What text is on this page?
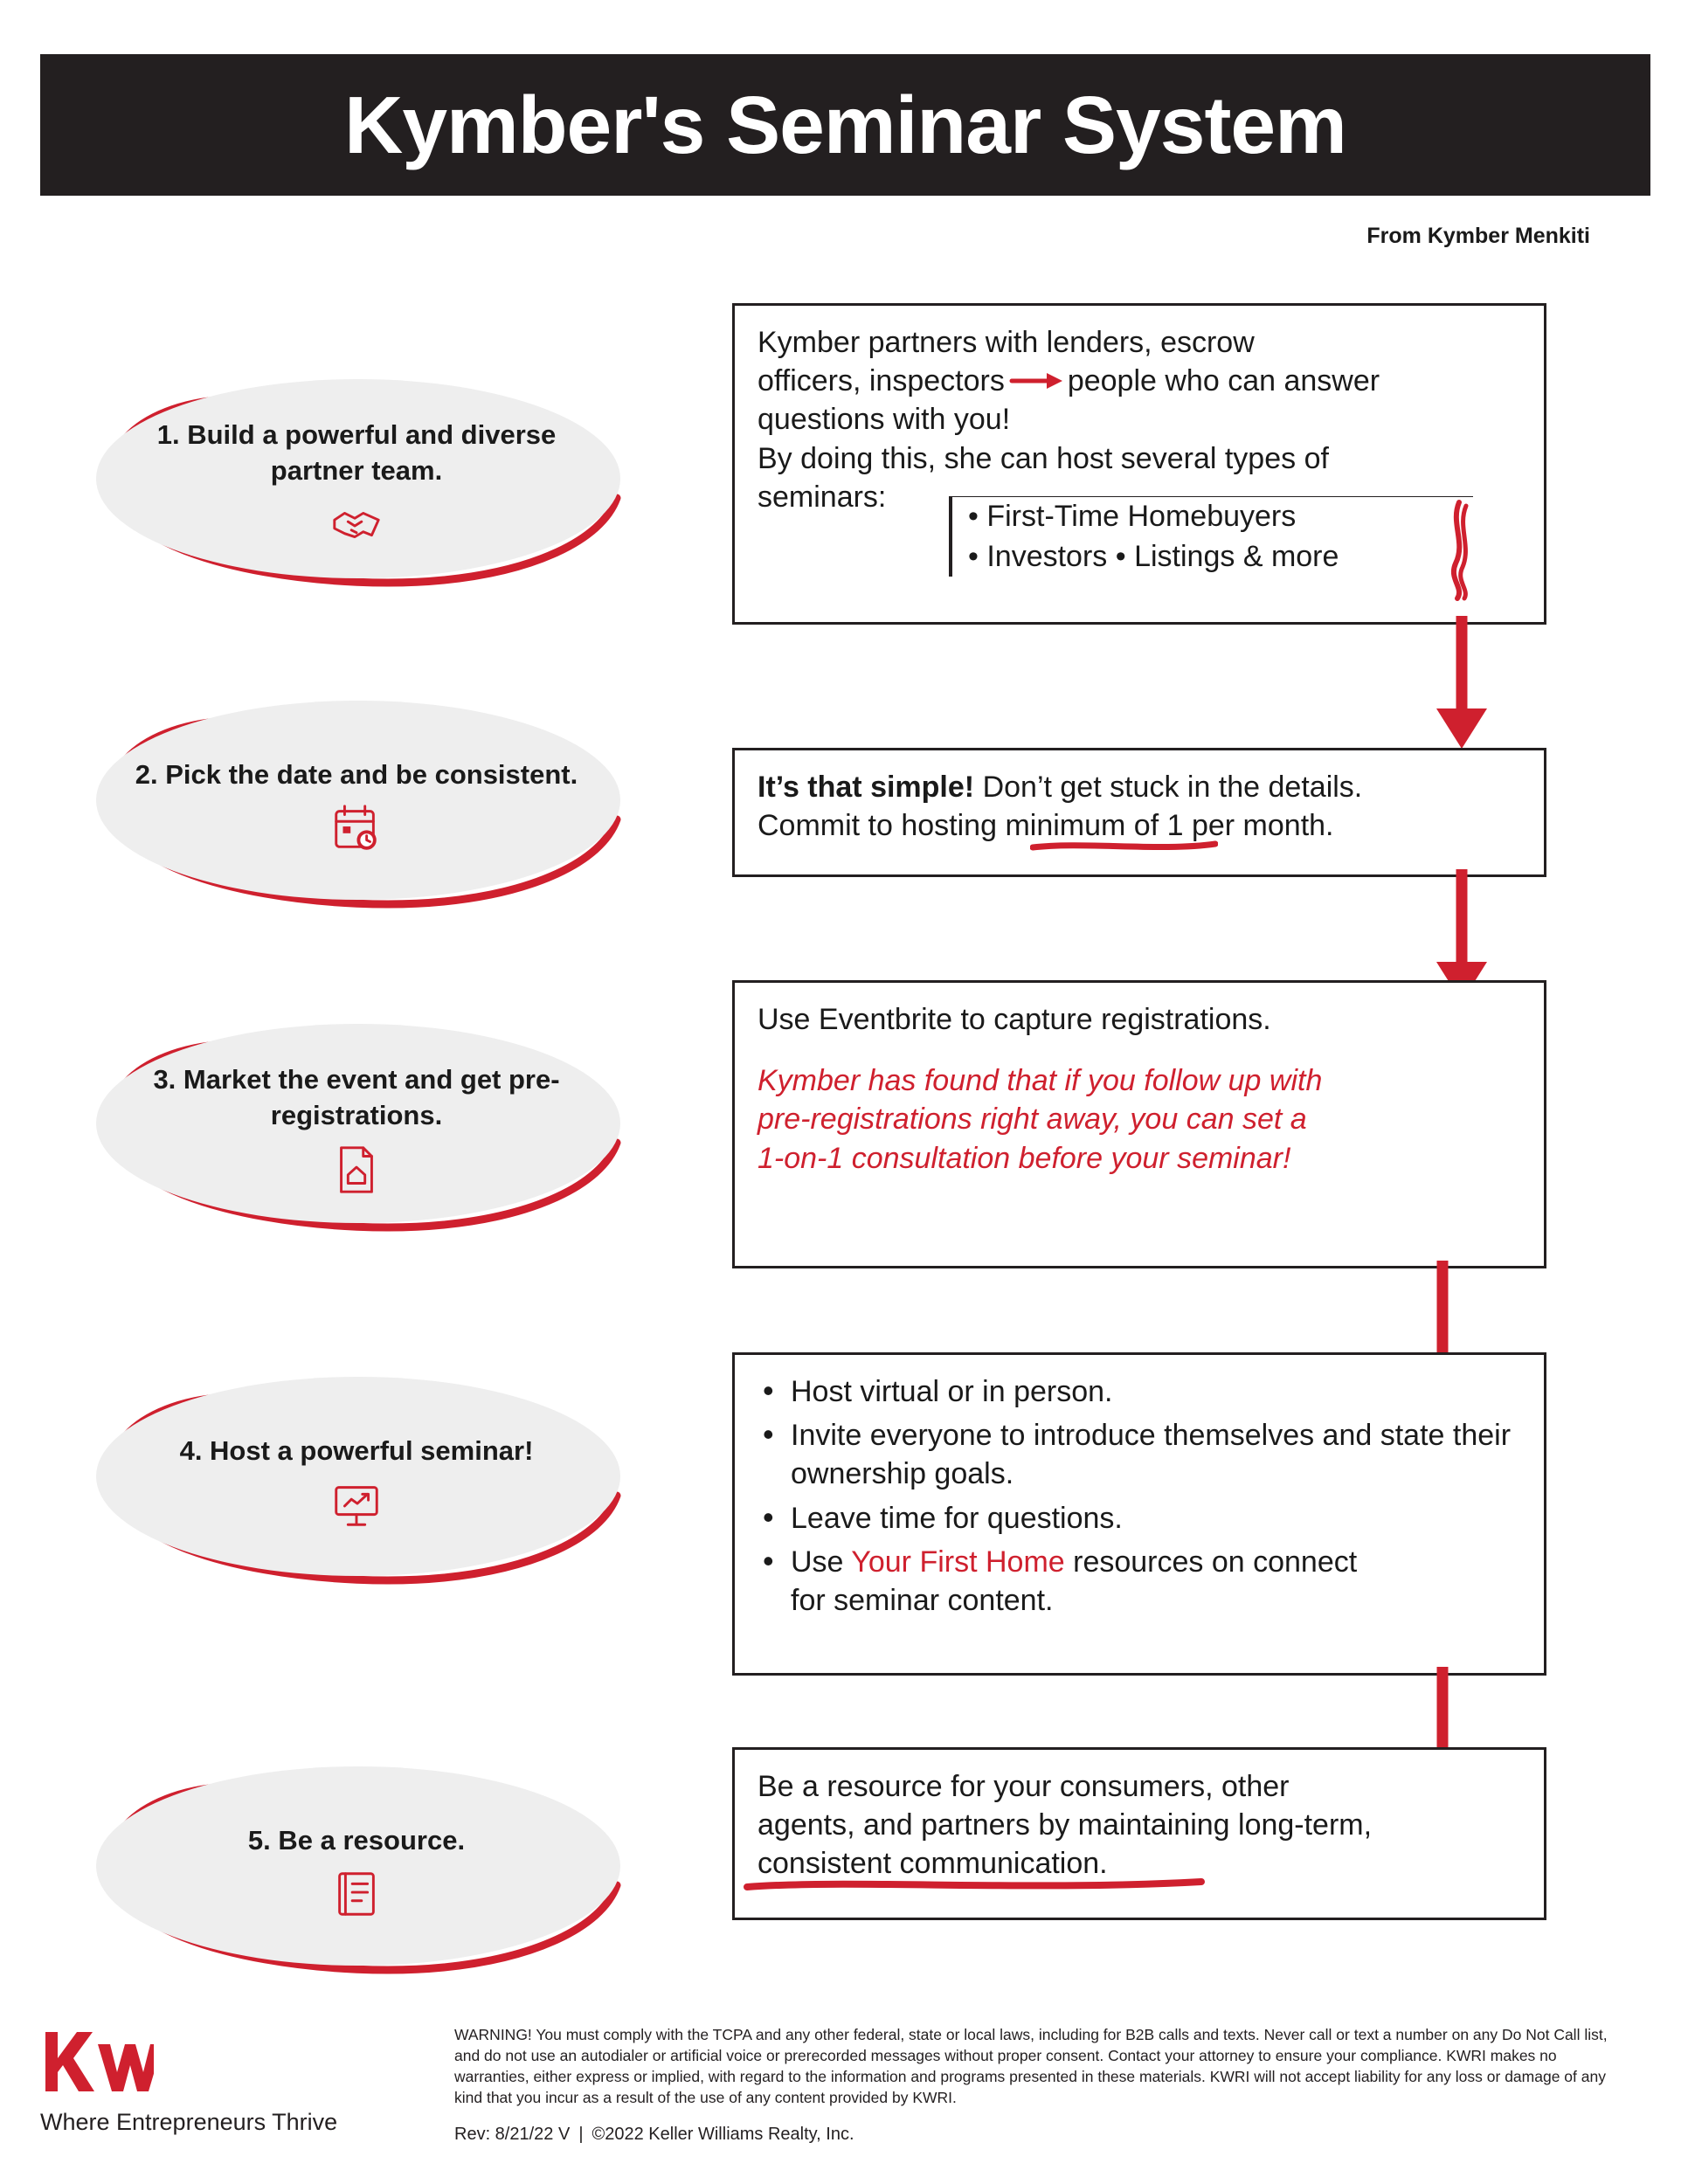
Kymber's Seminar System
From Kymber Menkiti
1. Build a powerful and diverse partner team.
Kymber partners with lenders, escrow
officers, inspectors people who can answer
questions with you!
By doing this, she can host several types of
seminars:
• First-Time Homebuyers
• Investors • Listings & more
2. Pick the date and be consistent.	It’s that simple! Don’t get stuck in the details.
Commit to hosting minimum of 1 per month.
3. Market the event and get pre-registrations.
Use Eventbrite to capture registrations.
Kymber has found that if you follow up with
pre-registrations right away, you can set a
1-on-1 consultation before your seminar!
4. Host a powerful seminar!
• Host virtual or in person.
• Invite everyone to introduce themselves and state their ownership goals.
• Leave time for questions.
• Use Your First Home resources on connect
for seminar content.
5. Be a resource.
Be a resource for your consumers, other
agents, and partners by maintaining long-term,
consistent communication.
Where Entrepreneurs Thrive
WARNING! You must comply with the TCPA and any other federal, state or local laws, including for B2B calls and texts. Never call or text a number on any Do Not Call list, and do not use an autodialer or artificial voice or prerecorded messages without proper consent. Contact your attorney to ensure your compliance. KWRI makes no warranties, either express or implied, with regard to the information and programs presented in these materials. KWRI will not accept liability for any loss or damage of any kind that you incur as a result of the use of any content provided by KWRI.
Rev: 8/21/22 V | ©2022 Keller Williams Realty, Inc.
